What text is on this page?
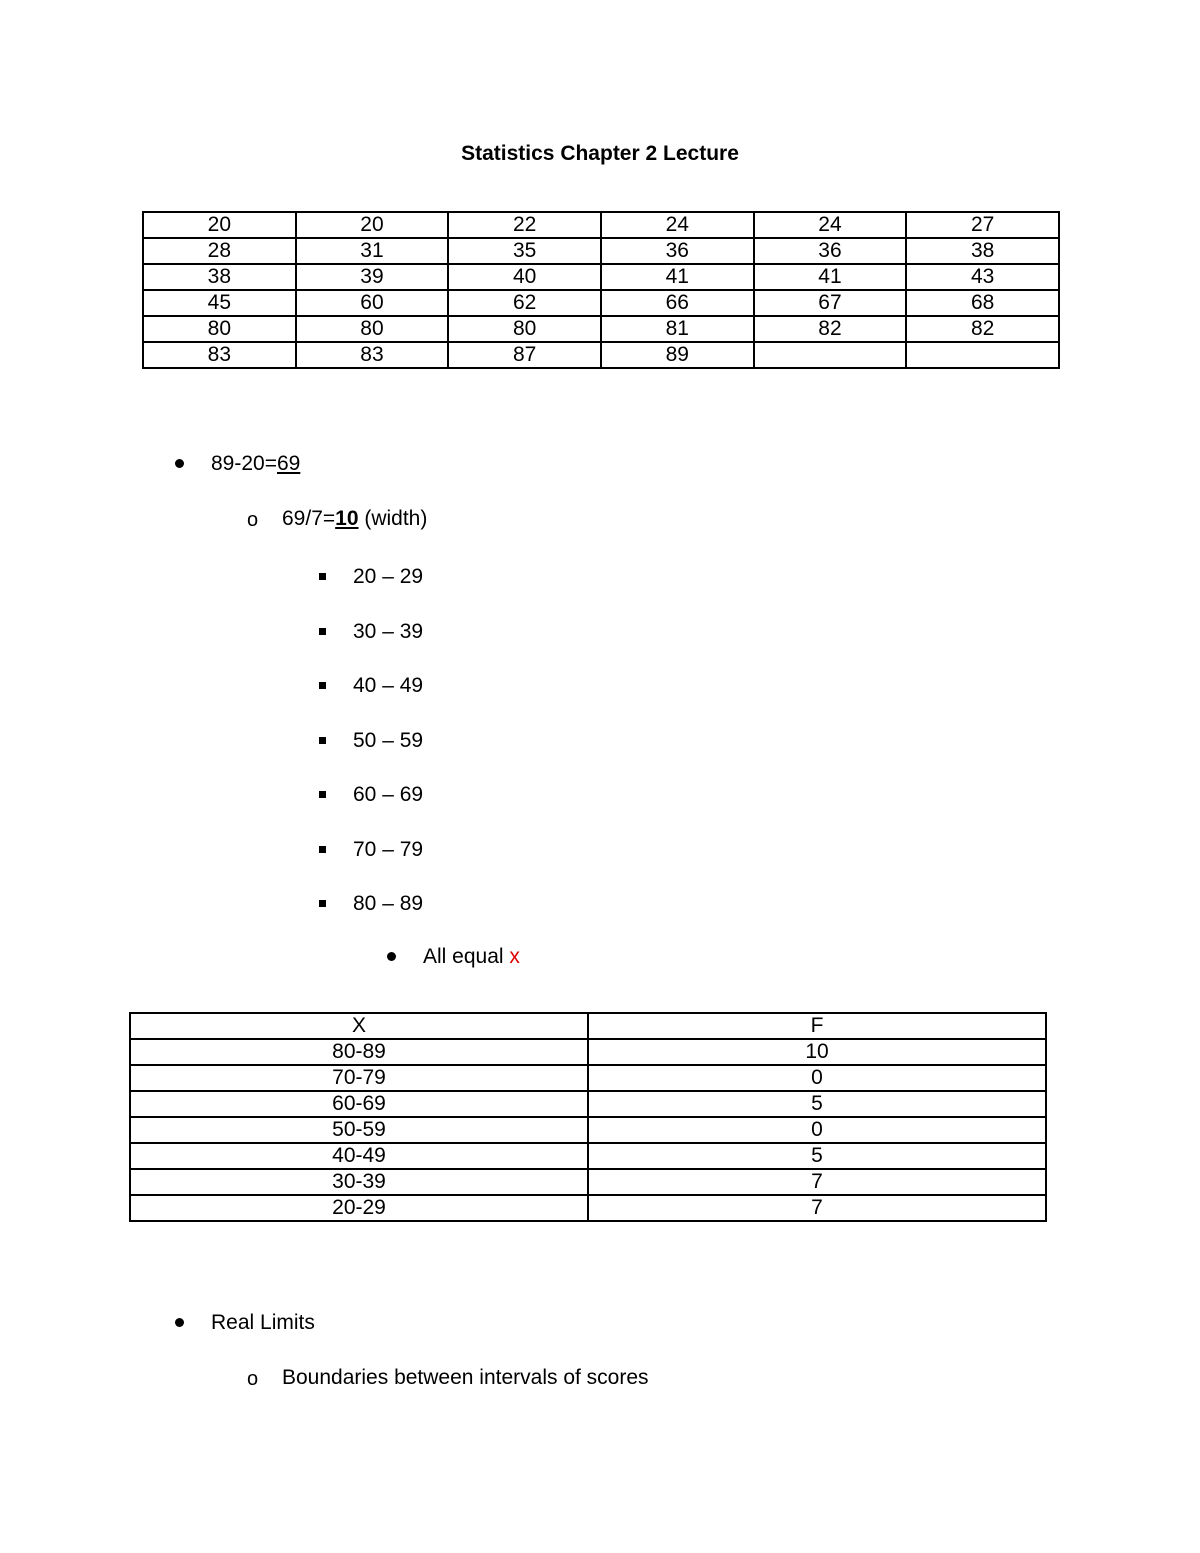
Statistics Chapter 2 Lecture
20	20	22	24	24	27
28	31	35	36	36	38
38	39	40	41	41	43
45	60	62	66	67	68
80	80	80	81	82	82
83	83	87	89		
89-20=69
o 69/7=10 (width)
20 – 29
30 – 39
40 – 49
50 – 59
60 – 69
70 – 79
80 – 89
All equal x
X	F
80-89	10
70-79	0
60-69	5
50-59	0
40-49	5
30-39	7
20-29	7
Real Limits
o Boundaries between intervals of scores
